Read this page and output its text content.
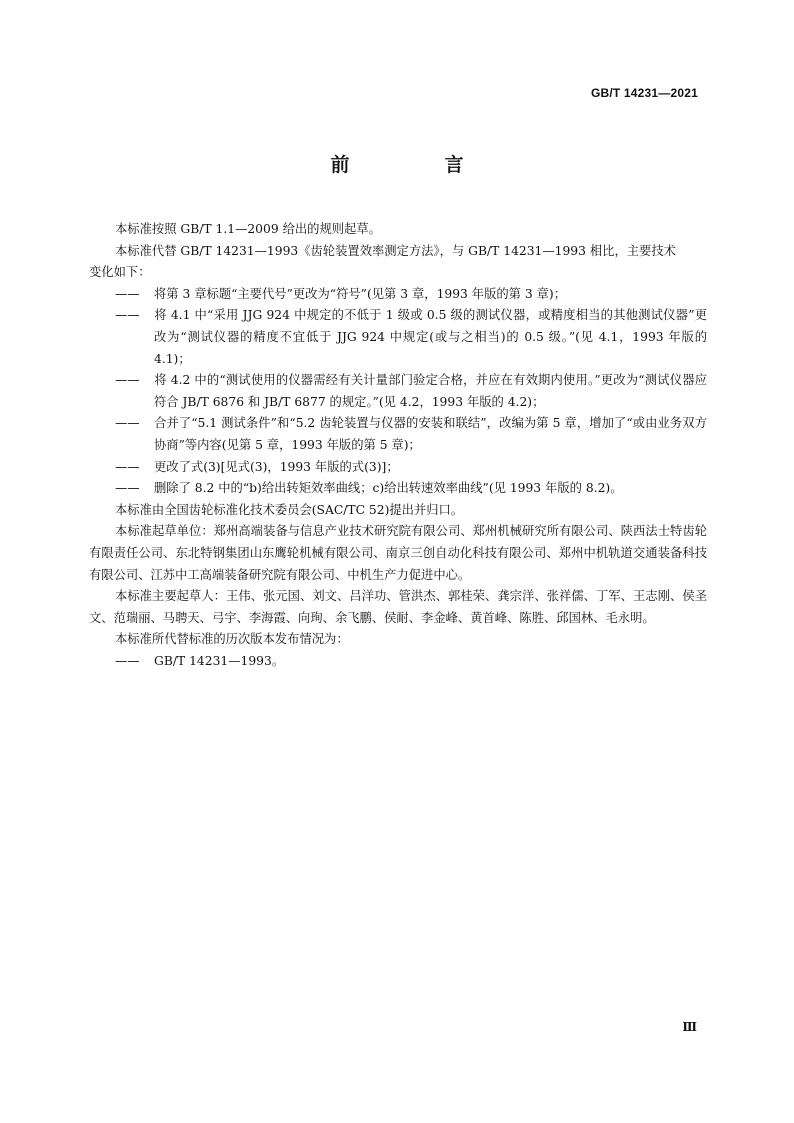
GB/T 14231—2021
前　言

本标准按照 GB/T 1.1—2009 给出的规则起草。

本标准代替 GB/T 14231—1993《齿轮装置效率测定方法》，与 GB/T 14231—1993 相比，主要技术

变化如下：

—— 将第 3 章标题“主要代号”更改为“符号”(见第 3 章，1993 年版的第 3 章)；

—— 将 4.1 中“采用 JJG 924 中规定的不低于 1 级或 0.5 级的测试仪器，或精度相当的其他测试仪器”更改为“测试仪器的精度不宜低于 JJG 924 中规定(或与之相当)的 0.5 级。”(见 4.1，1993 年版的 4.1)；

—— 将 4.2 中的“测试使用的仪器需经有关计量部门验定合格，并应在有效期内使用。”更改为“测试仪器应符合 JB/T 6876 和 JB/T 6877 的规定。”(见 4.2，1993 年版的 4.2)；

—— 合并了“5.1 测试条件”和“5.2 齿轮装置与仪器的安装和联结”，改编为第 5 章，增加了“或由业务双方协商”等内容(见第 5 章，1993 年版的第 5 章)；

—— 更改了式(3)[见式(3)，1993 年版的式(3)]；

—— 删除了 8.2 中的“b)给出转矩效率曲线；c)给出转速效率曲线”(见 1993 年版的 8.2)。

本标准由全国齿轮标准化技术委员会(SAC/TC 52)提出并归口。

本标准起草单位：郑州高端装备与信息产业技术研究院有限公司、郑州机械研究所有限公司、陕西法士特齿轮有限责任公司、东北特钢集团山东鹰轮机械有限公司、南京三创自动化科技有限公司、郑州中机轨道交通装备科技有限公司、江苏中工高端装备研究院有限公司、中机生产力促进中心。

本标准主要起草人：王伟、张元国、刘文、吕洋功、管洪杰、郭桂荣、龚宗洋、张祥儒、丁军、王志刚、侯圣文、范瑞丽、马聘天、弓宇、李海霞、向珣、余飞鹏、侯耐、李金峰、黄首峰、陈胜、邱国林、毛永明。

本标准所代替标准的历次版本发布情况为：

—— GB/T 14231—1993。

Ⅲ
